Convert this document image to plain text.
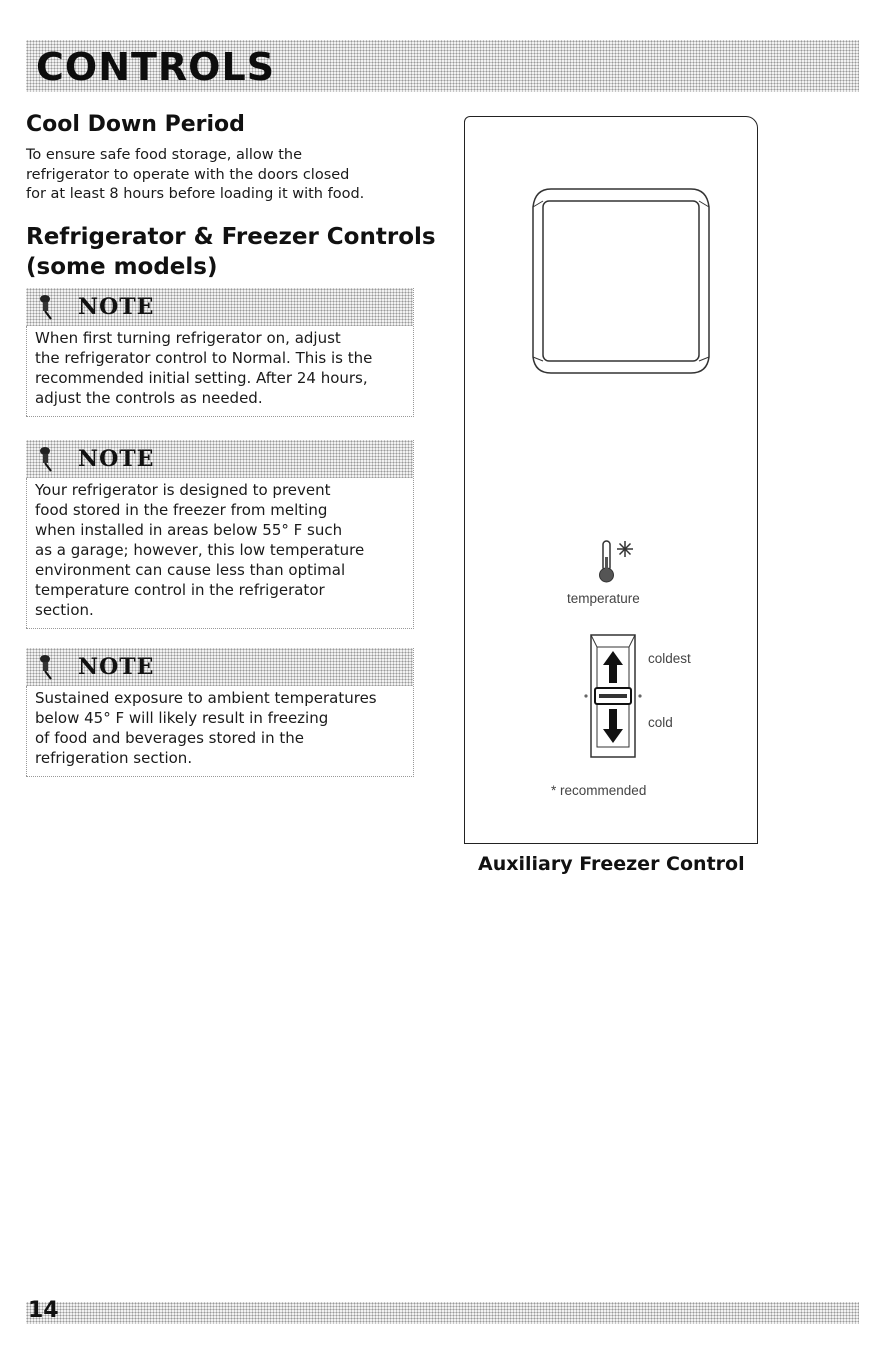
CONTROLS
Cool Down Period
To ensure safe food storage, allow the
refrigerator to operate with the doors closed
for at least 8 hours before loading it with food.
Refrigerator & Freezer Controls
(some models)
NOTE
When first turning refrigerator on, adjust
the refrigerator control to Normal. This is the
recommended initial setting. After 24 hours,
adjust the controls as needed.
NOTE
Your refrigerator is designed to prevent
food stored in the freezer from melting
when installed in areas below 55° F such
as a garage; however, this low temperature
environment can cause less than optimal
temperature control in the refrigerator
section.
NOTE
Sustained exposure to ambient temperatures
below 45° F will likely result in freezing
of food and beverages stored in the
refrigeration section.
temperature
coldest
cold
* recommended
Auxiliary Freezer Control
14
